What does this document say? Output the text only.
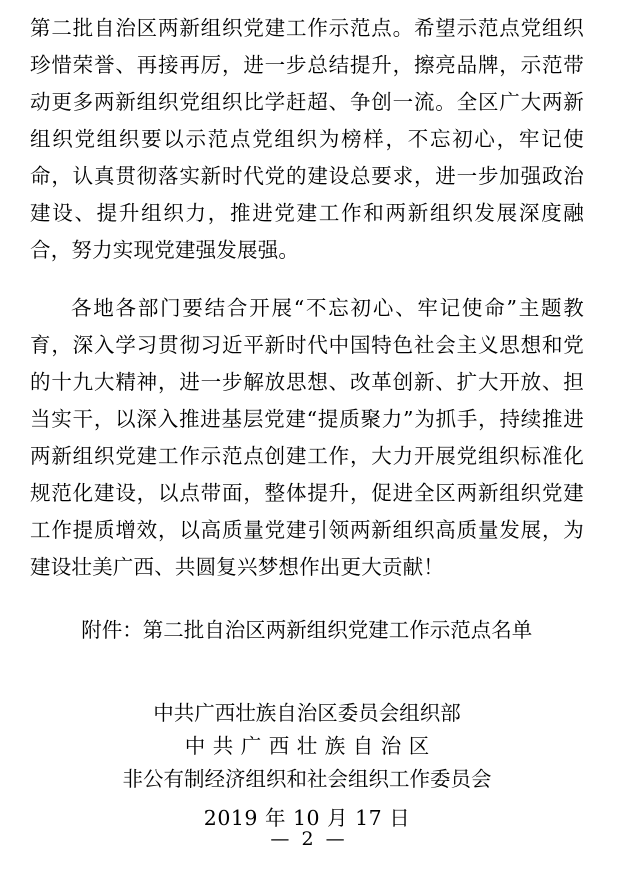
第二批自治区两新组织党建工作示范点。希望示范点党组织珍惜荣誉、再接再厉，进一步总结提升，擦亮品牌，示范带动更多两新组织党组织比学赶超、争创一流。全区广大两新组织党组织要以示范点党组织为榜样，不忘初心，牢记使命，认真贯彻落实新时代党的建设总要求，进一步加强政治建设、提升组织力，推进党建工作和两新组织发展深度融合，努力实现党建强发展强。

各地各部门要结合开展“不忘初心、牢记使命”主题教育，深入学习贯彻习近平新时代中国特色社会主义思想和党的十九大精神，进一步解放思想、改革创新、扩大开放、担当实干，以深入推进基层党建“提质聚力”为抓手，持续推进两新组织党建工作示范点创建工作，大力开展党组织标准化规范化建设，以点带面，整体提升，促进全区两新组织党建工作提质增效，以高质量党建引领两新组织高质量发展，为建设壮美广西、共圆复兴梦想作出更大贡献！

附件：第二批自治区两新组织党建工作示范点名单

中共广西壮族自治区委员会组织部
中共广西壮族自治区
非公有制经济组织和社会组织工作委员会
2019 年 10 月 17 日
— 2 —
